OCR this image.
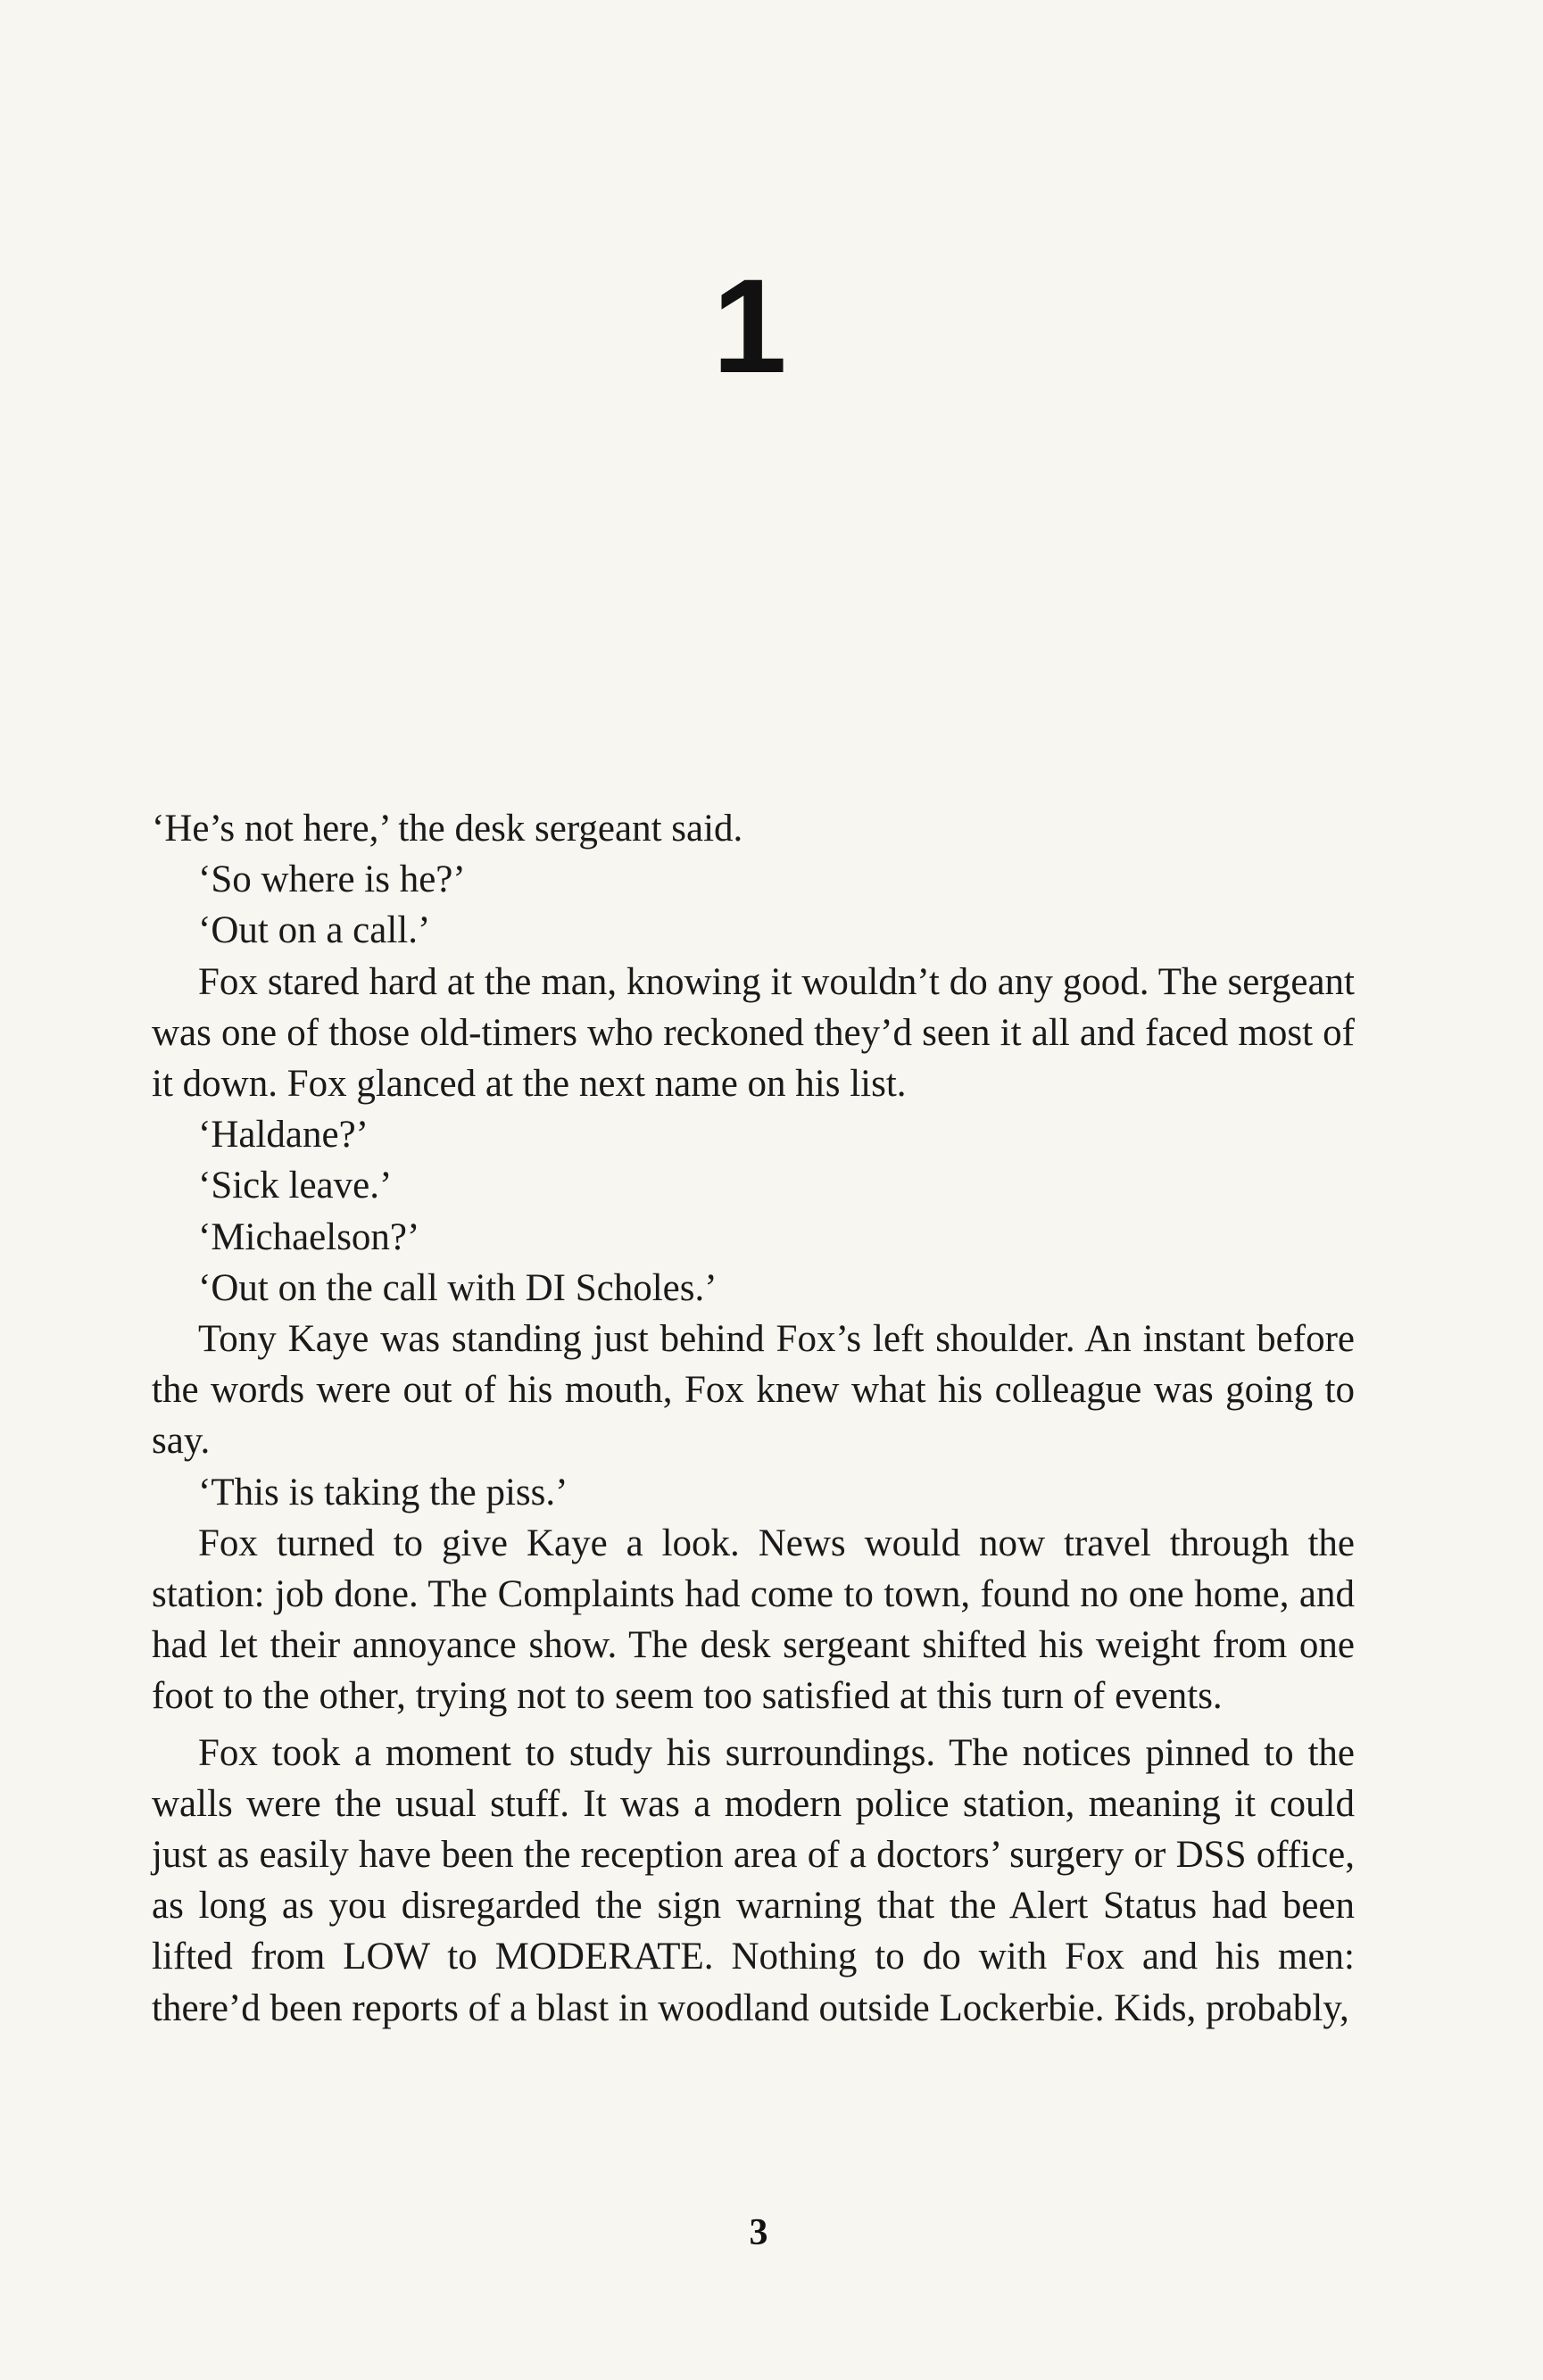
1

‘He’s not here,’ the desk sergeant said.

‘So where is he?’

‘Out on a call.’

Fox stared hard at the man, knowing it wouldn’t do any good. The sergeant was one of those old-timers who reckoned they’d seen it all and faced most of it down. Fox glanced at the next name on his list.

‘Haldane?’

‘Sick leave.’

‘Michaelson?’

‘Out on the call with DI Scholes.’

Tony Kaye was standing just behind Fox’s left shoulder. An instant before the words were out of his mouth, Fox knew what his colleague was going to say.

‘This is taking the piss.’

Fox turned to give Kaye a look. News would now travel through the station: job done. The Complaints had come to town, found no one home, and had let their annoyance show. The desk sergeant shifted his weight from one foot to the other, trying not to seem too satisfied at this turn of events.

Fox took a moment to study his surroundings. The notices pinned to the walls were the usual stuff. It was a modern police station, meaning it could just as easily have been the reception area of a doctors’ surgery or DSS office, as long as you disregarded the sign warning that the Alert Status had been lifted from LOW to MODERATE. Nothing to do with Fox and his men: there’d been reports of a blast in woodland outside Lockerbie. Kids, probably,

3
